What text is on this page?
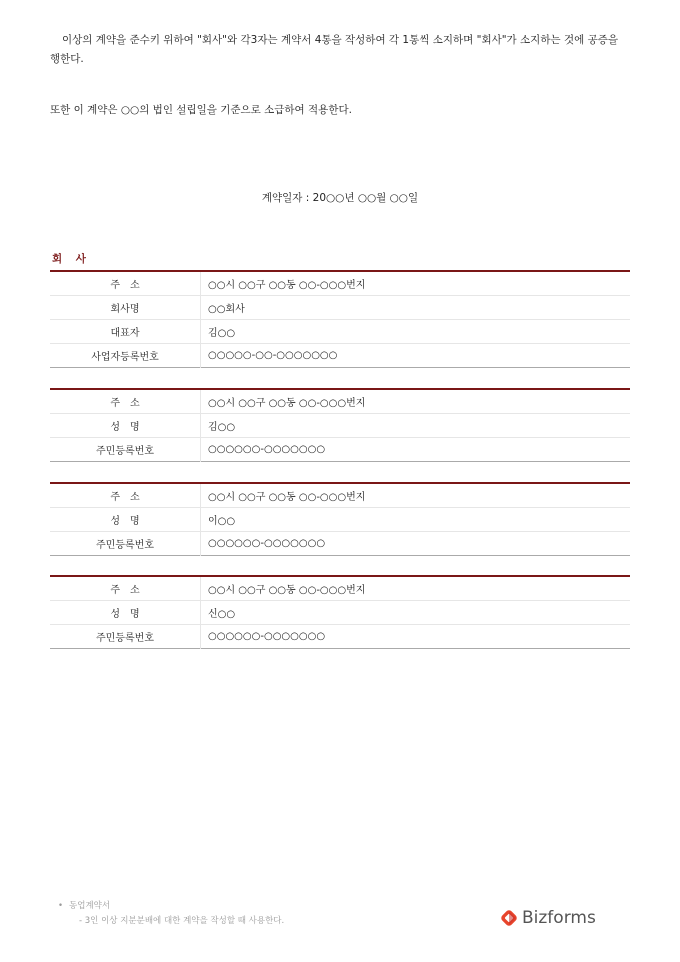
이상의 계약을 준수키 위하여 "회사"와 각3자는 계약서 4통을 작성하여 각 1통씩 소지하며 "회사"가 소지하는 것에 공증을 행한다.

또한 이 계약은 ○○의 법인 설립일을 기준으로 소급하여 적용한다.

계약일자 : 20○○년 ○○월 ○○일
회 사
주　소	○○시 ○○구 ○○동 ○○-○○○번지
회사명	○○회사
대표자	김○○
사업자등록번호	○○○○○-○○-○○○○○○○
주　소	○○시 ○○구 ○○동 ○○-○○○번지
성　명	김○○
주민등록번호	○○○○○○-○○○○○○○
주　소	○○시 ○○구 ○○동 ○○-○○○번지
성　명	이○○
주민등록번호	○○○○○○-○○○○○○○
주　소	○○시 ○○구 ○○동 ○○-○○○번지
성　명	신○○
주민등록번호	○○○○○○-○○○○○○○
• 동업계약서
- 3인 이상 지분분배에 대한 계약을 작성할 때 사용한다.	Bizforms
